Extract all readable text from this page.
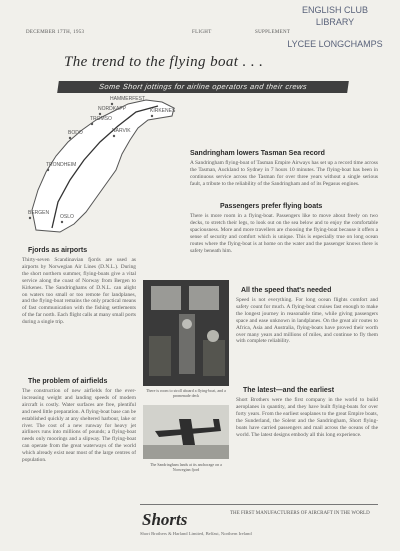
DECEMBER 17TH, 1953	FLIGHT	SUPPLEMENT
ENGLISH CLUB
LIBRARY
LYCEE LONGCHAMPS
The trend to the flying boat . . .
Some Short jottings for airline operators and their crews
HAMMERFEST
NORDKAPP	KIRKENES
TROMSO
BODO	NARVIK
TRONDHEIM
BERGEN
OSLO
Sandringham lowers Tasman Sea record

A Sandringham flying-boat of Tasman Empire Airways has set up a record time across the Tasman, Auckland to Sydney in 7 hours 10 minutes. The flying-boat has been in continuous service across the Tasman for over three years without a single serious fault, a tribute to the reliability of the Sandringham and of its Pegasus engines.

Passengers prefer flying boats

There is more room in a flying-boat. Passengers like to move about freely on two decks, to stretch their legs, to look out on the sea below and to enjoy the comfortable spaciousness. More and more travellers are choosing the flying-boat because it offers a sense of security and comfort which is unique. This is especially true on long ocean routes where the flying-boat is at home on the water and the passenger knows there is safety beneath him.

Fjords as airports

Thirty-seven Scandinavian fjords are used as airports by Norwegian Air Lines (D.N.L.). During the short northern summer, flying-boats give a vital service along the coast of Norway from Bergen to Kirkenes. The Sandringhams of D.N.L. can alight on waters too small or too remote for landplanes, and the flying-boat remains the only practical means of fast communication with the fishing settlements of the far north. Each flight calls at many small ports during a single trip.

The problem of airfields

The construction of new airfields for the ever-increasing weight and landing speeds of modern aircraft is costly. Water surfaces are free, plentiful and need little preparation. A flying-boat base can be established quickly at any sheltered harbour, lake or river. The cost of a new runway for heavy jet airliners runs into millions of pounds; a flying-boat needs only moorings and a slipway. The flying-boat can operate from the great waterways of the world which already exist near most of the large centres of population.

There is room to stroll aboard a flying-boat, and a promenade deck

The Sandringham lands at its anchorage on a Norwegian fjord

All the speed that's needed

Speed is not everything. For long ocean flights comfort and safety count for much. A flying-boat cruises fast enough to make the longest journey in reasonable time, while giving passengers space and ease unknown in landplanes. On the great air routes to Africa, Asia and Australia, flying-boats have proved their worth over many years and millions of miles, and continue to fly them with complete reliability.

The latest—and the earliest

Short Brothers were the first company in the world to build aeroplanes in quantity, and they have built flying-boats for over forty years. From the earliest seaplanes to the great Empire boats, the Sunderland, the Solent and the Sandringham, Short flying-boats have carried passengers and mail across the oceans of the world. The latest designs embody all this long experience.

Shorts	THE FIRST MANUFACTURERS OF AIRCRAFT IN THE WORLD

Short Brothers & Harland Limited, Belfast, Northern Ireland
